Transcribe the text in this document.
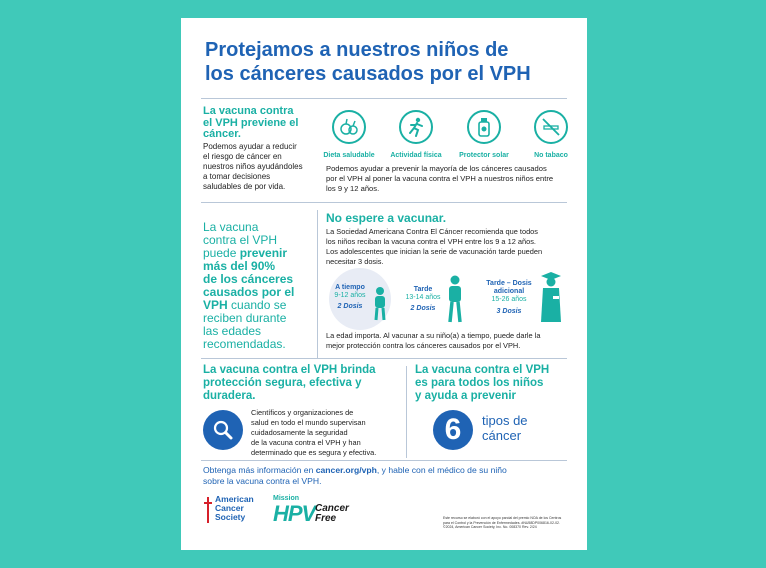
Protejamos a nuestros niños de
los cánceres causados por el VPH
La vacuna contra
el VPH previene el
cáncer.
Podemos ayudar a reducir
el riesgo de cáncer en
nuestros niños ayudándoles
a tomar decisiones
saludables de por vida.
Dieta saludable	Actividad física	Protector solar	No tabaco
Podemos ayudar a prevenir la mayoría de los cánceres causados
por el VPH al poner la vacuna contra el VPH a nuestros niños entre
los 9 y 12 años.
La vacuna
contra el VPH
puede prevenir
más del 90%
de los cánceres
causados por el
VPH cuando se
reciben durante
las edades
recomendadas.
No espere a vacunar.
La Sociedad Americana Contra El Cáncer recomienda que todos
los niños reciban la vacuna contra el VPH entre los 9 a 12 años.
Los adolescentes que inician la serie de vacunación tarde pueden
necesitar 3 dosis.
A tiempo
9-12 años
2 Dosis
Tarde
13-14 años
2 Dosis
Tarde – Dosis
adicional
15-26 años
3 Dosis
La edad importa. Al vacunar a su niño(a) a tiempo, puede darle la
mejor protección contra los cánceres causados por el VPH.
La vacuna contra el VPH brinda
protección segura, efectiva y
duradera.
Científicos y organizaciones de
salud en todo el mundo supervisan
cuidadosamente la seguridad
de la vacuna contra el VPH y han
determinado que es segura y efectiva.
La vacuna contra el VPH
es para todos los niños
y ayuda a prevenir
6	tipos de
cáncer
Obtenga más información en cancer.org/vph, y hable con el médico de su niño
sobre la vacuna contra el VPH.
American
Cancer
Society
Mission
HPV Cancer
Free	Este recurso se elaboró con el apoyo parcial del premio NOA de los Centros
para el Control y la Prevención de Enfermedades. #NU58DP006816-02-02.
©2024, American Cancer Society, Inc. No. 008370 Rev. 2/24
